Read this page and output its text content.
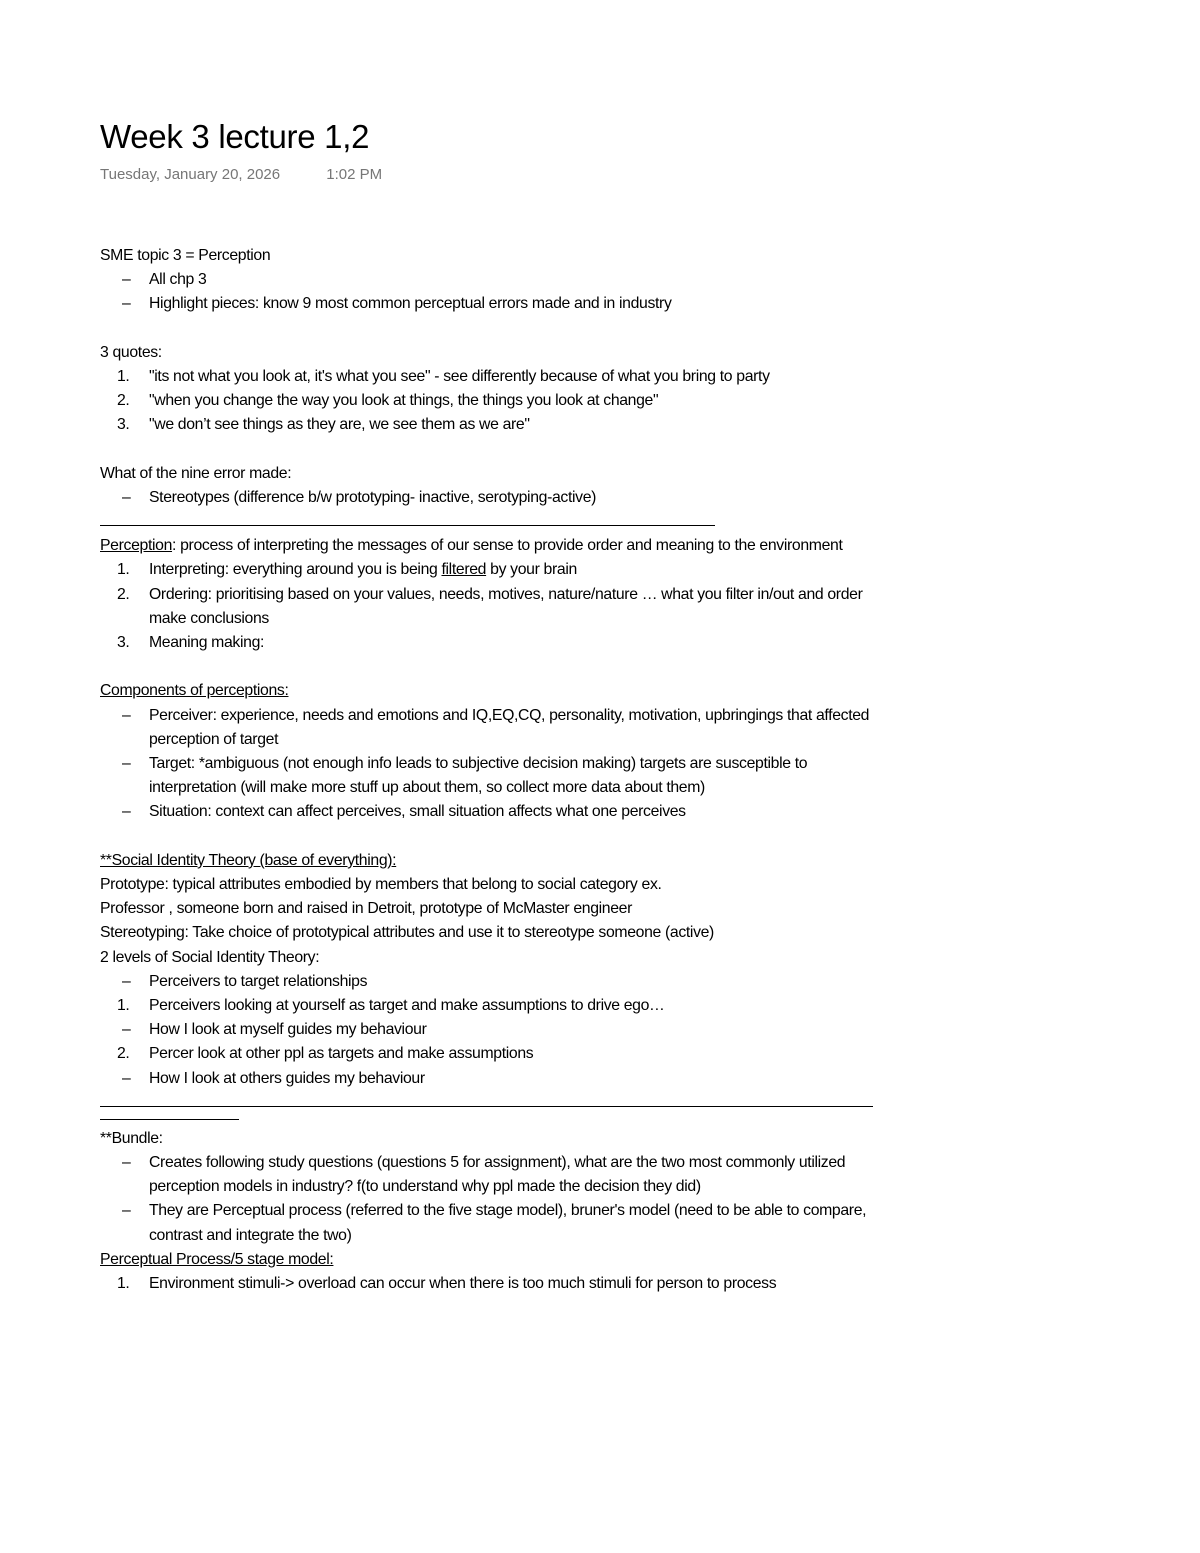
Week 3 lecture 1,2
Tuesday, January 20, 2026	1:02 PM
SME topic 3 = Perception
–	All chp 3
–	Highlight pieces: know 9 most common perceptual errors made and in industry
3 quotes:
1.	"its not what you look at, it's what you see" - see differently because of what you bring to party
2.	"when you change the way you look at things, the things you look at change"
3.	"we don’t see things as they are, we see them as we are"
What of the nine error made:
–	Stereotypes (difference b/w prototyping- inactive, serotyping-active)
Perception: process of interpreting the messages of our sense to provide order and meaning to the environment
1.	Interpreting: everything around you is being filtered by your brain
2.	Ordering: prioritising based on your values, needs, motives, nature/nature … what you filter in/out and order make conclusions
3.	Meaning making:
Components of perceptions:
–	Perceiver: experience, needs and emotions and IQ,EQ,CQ, personality, motivation, upbringings that affected perception of target
–	Target: *ambiguous (not enough info leads to subjective decision making) targets are susceptible to interpretation (will make more stuff up about them, so collect more data about them)
–	Situation: context can affect perceives, small situation affects what one perceives
**Social Identity Theory (base of everything):
Prototype: typical attributes embodied by members that belong to social category ex.
Professor , someone born and raised in Detroit, prototype of McMaster engineer
Stereotyping: Take choice of prototypical attributes and use it to stereotype someone (active)
2 levels of Social Identity Theory:
–	Perceivers to target relationships
1.	Perceivers looking at yourself as target and make assumptions to drive ego…
–	How I look at myself guides my behaviour
2.	Percer look at other ppl as targets and make assumptions
–	How I look at others guides my behaviour
**Bundle:
–	Creates following study questions (questions 5 for assignment), what are the two most commonly utilized perception models in industry? f(to understand why ppl made the decision they did)
–	They are Perceptual process (referred to the five stage model), bruner's model (need to be able to compare, contrast and integrate the two)
Perceptual Process/5 stage model:
1.	Environment stimuli-> overload can occur when there is too much stimuli for person to process
